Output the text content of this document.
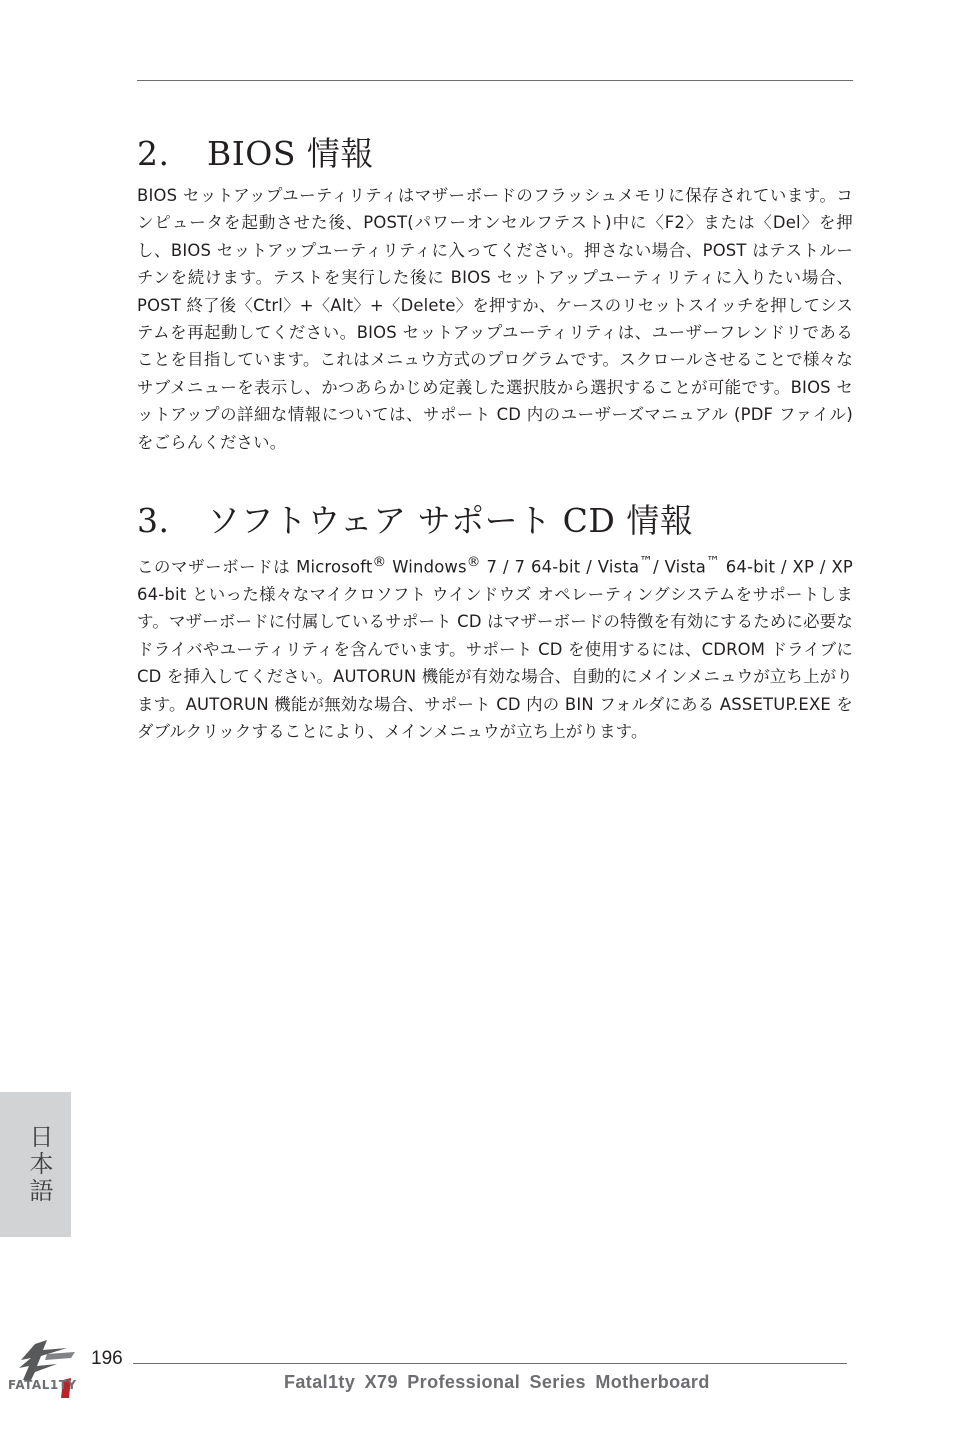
2. BIOS 情報

BIOS セットアップユーティリティはマザーボードのフラッシュメモリに保存されています。コンピュータを起動させた後、POST(パワーオンセルフテスト)中に〈F2〉または〈Del〉を押し、BIOS セットアップユーティリティに入ってください。押さない場合、POST はテストルーチンを続けます。テストを実行した後に BIOS セットアップユーティリティに入りたい場合、POST 終了後〈Ctrl〉+〈Alt〉+〈Delete〉を押すか、ケースのリセットスイッチを押してシステムを再起動してください。BIOS セットアップユーティリティは、ユーザーフレンドリであることを目指しています。これはメニュウ方式のプログラムです。スクロールさせることで様々なサブメニューを表示し、かつあらかじめ定義した選択肢から選択することが可能です。BIOS セットアップの詳細な情報については、サポート CD 内のユーザーズマニュアル (PDF ファイル) をごらんください。

3. ソフトウェア サポート CD 情報

このマザーボードは Microsoft® Windows® 7 / 7 64-bit / Vista™/ Vista™ 64-bit / XP / XP 64-bit といった様々なマイクロソフト ウインドウズ オペレーティングシステムをサポートします。マザーボードに付属しているサポート CD はマザーボードの特徴を有効にするために必要なドライバやユーティリティを含んでいます。サポート CD を使用するには、CDROM ドライブに CD を挿入してください。AUTORUN 機能が有効な場合、自動的にメインメニュウが立ち上がります。AUTORUN 機能が無効な場合、サポート CD 内の BIN フォルダにある ASSETUP.EXE をダブルクリックすることにより、メインメニュウが立ち上がります。

日本語
FATAL1TY
196
Fatal1ty X79 Professional Series Motherboard
